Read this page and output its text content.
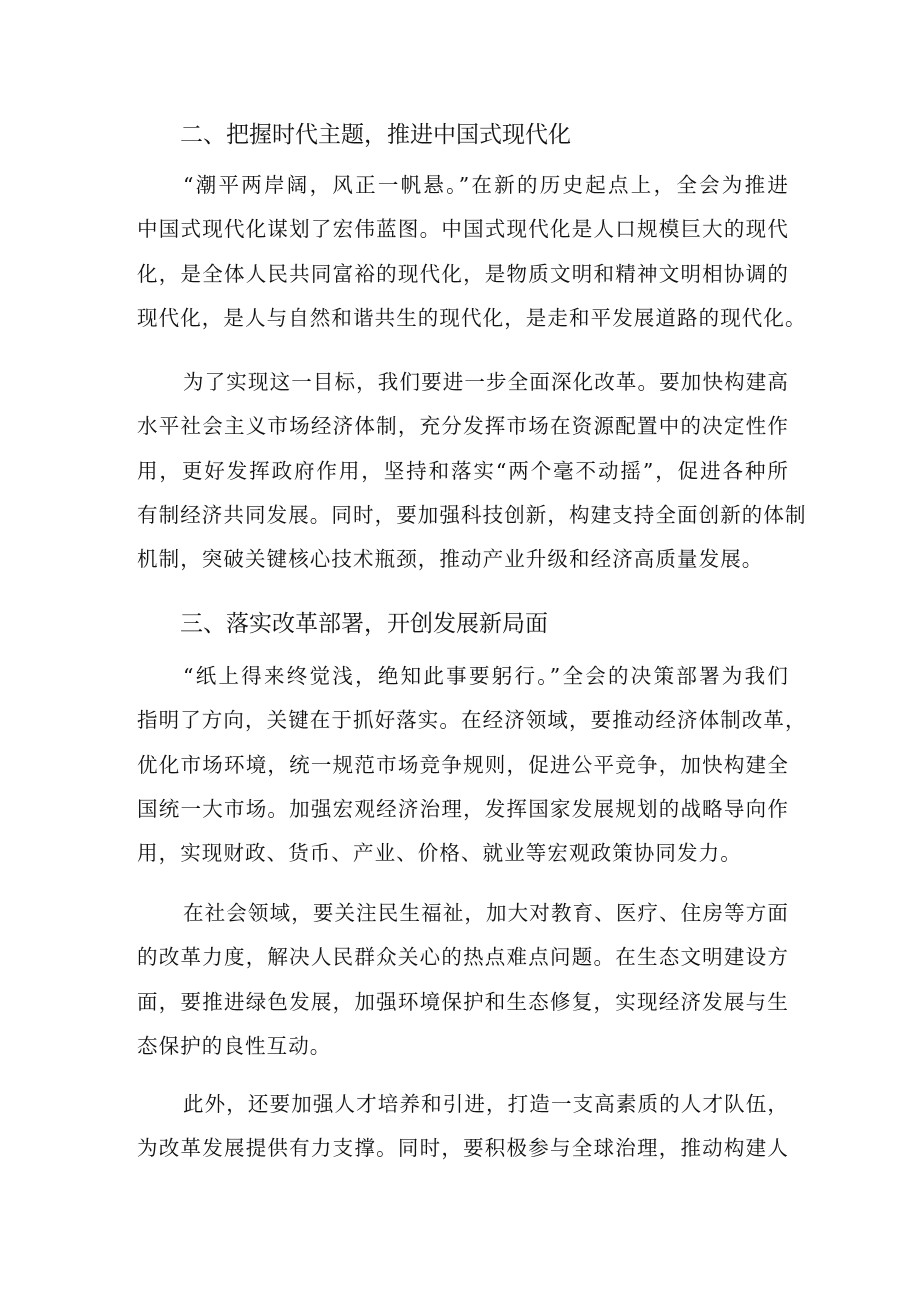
二、把握时代主题，推进中国式现代化

“潮平两岸阔，风正一帆悬。”在新的历史起点上，全会为推进
中国式现代化谋划了宏伟蓝图。中国式现代化是人口规模巨大的现代
化，是全体人民共同富裕的现代化，是物质文明和精神文明相协调的
现代化，是人与自然和谐共生的现代化，是走和平发展道路的现代化。

为了实现这一目标，我们要进一步全面深化改革。要加快构建高
水平社会主义市场经济体制，充分发挥市场在资源配置中的决定性作
用，更好发挥政府作用，坚持和落实“两个毫不动摇”，促进各种所
有制经济共同发展。同时，要加强科技创新，构建支持全面创新的体制
机制，突破关键核心技术瓶颈，推动产业升级和经济高质量发展。

三、落实改革部署，开创发展新局面

“纸上得来终觉浅，绝知此事要躬行。”全会的决策部署为我们
指明了方向，关键在于抓好落实。在经济领域，要推动经济体制改革，
优化市场环境，统一规范市场竞争规则，促进公平竞争，加快构建全
国统一大市场。加强宏观经济治理，发挥国家发展规划的战略导向作
用，实现财政、货币、产业、价格、就业等宏观政策协同发力。

在社会领域，要关注民生福祉，加大对教育、医疗、住房等方面
的改革力度，解决人民群众关心的热点难点问题。在生态文明建设方
面，要推进绿色发展，加强环境保护和生态修复，实现经济发展与生
态保护的良性互动。

此外，还要加强人才培养和引进，打造一支高素质的人才队伍，
为改革发展提供有力支撑。同时，要积极参与全球治理，推动构建人
